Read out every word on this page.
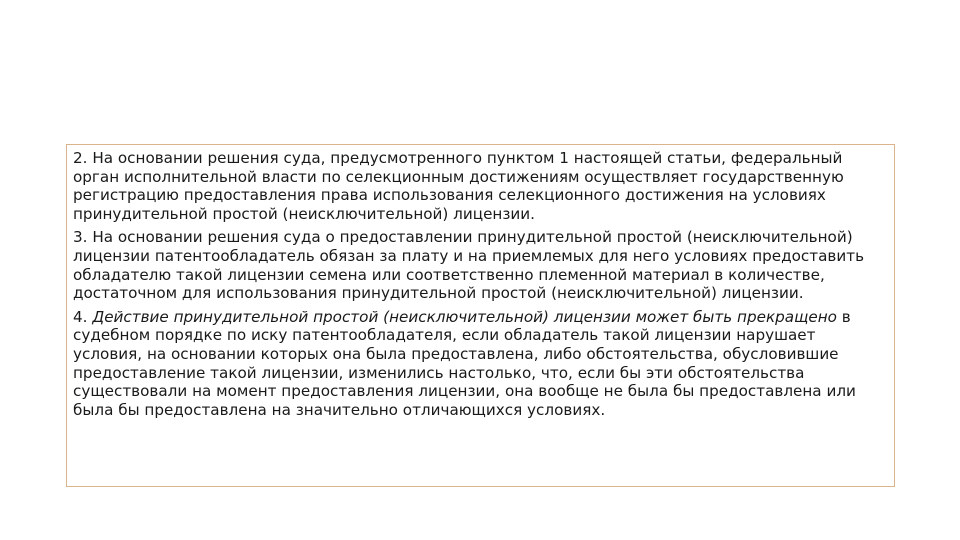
2. На основании решения суда, предусмотренного пунктом 1 настоящей статьи, федеральный орган исполнительной власти по селекционным достижениям осуществляет государственную регистрацию предоставления права использования селекционного достижения на условиях принудительной простой (неисключительной) лицензии.

3. На основании решения суда о предоставлении принудительной простой (неисключительной) лицензии патентообладатель обязан за плату и на приемлемых для него условиях предоставить обладателю такой лицензии семена или соответственно племенной материал в количестве, достаточном для использования принудительной простой (неисключительной) лицензии.

4. Действие принудительной простой (неисключительной) лицензии может быть прекращено в судебном порядке по иску патентообладателя, если обладатель такой лицензии нарушает условия, на основании которых она была предоставлена, либо обстоятельства, обусловившие предоставление такой лицензии, изменились настолько, что, если бы эти обстоятельства существовали на момент предоставления лицензии, она вообще не была бы предоставлена или была бы предоставлена на значительно отличающихся условиях.
